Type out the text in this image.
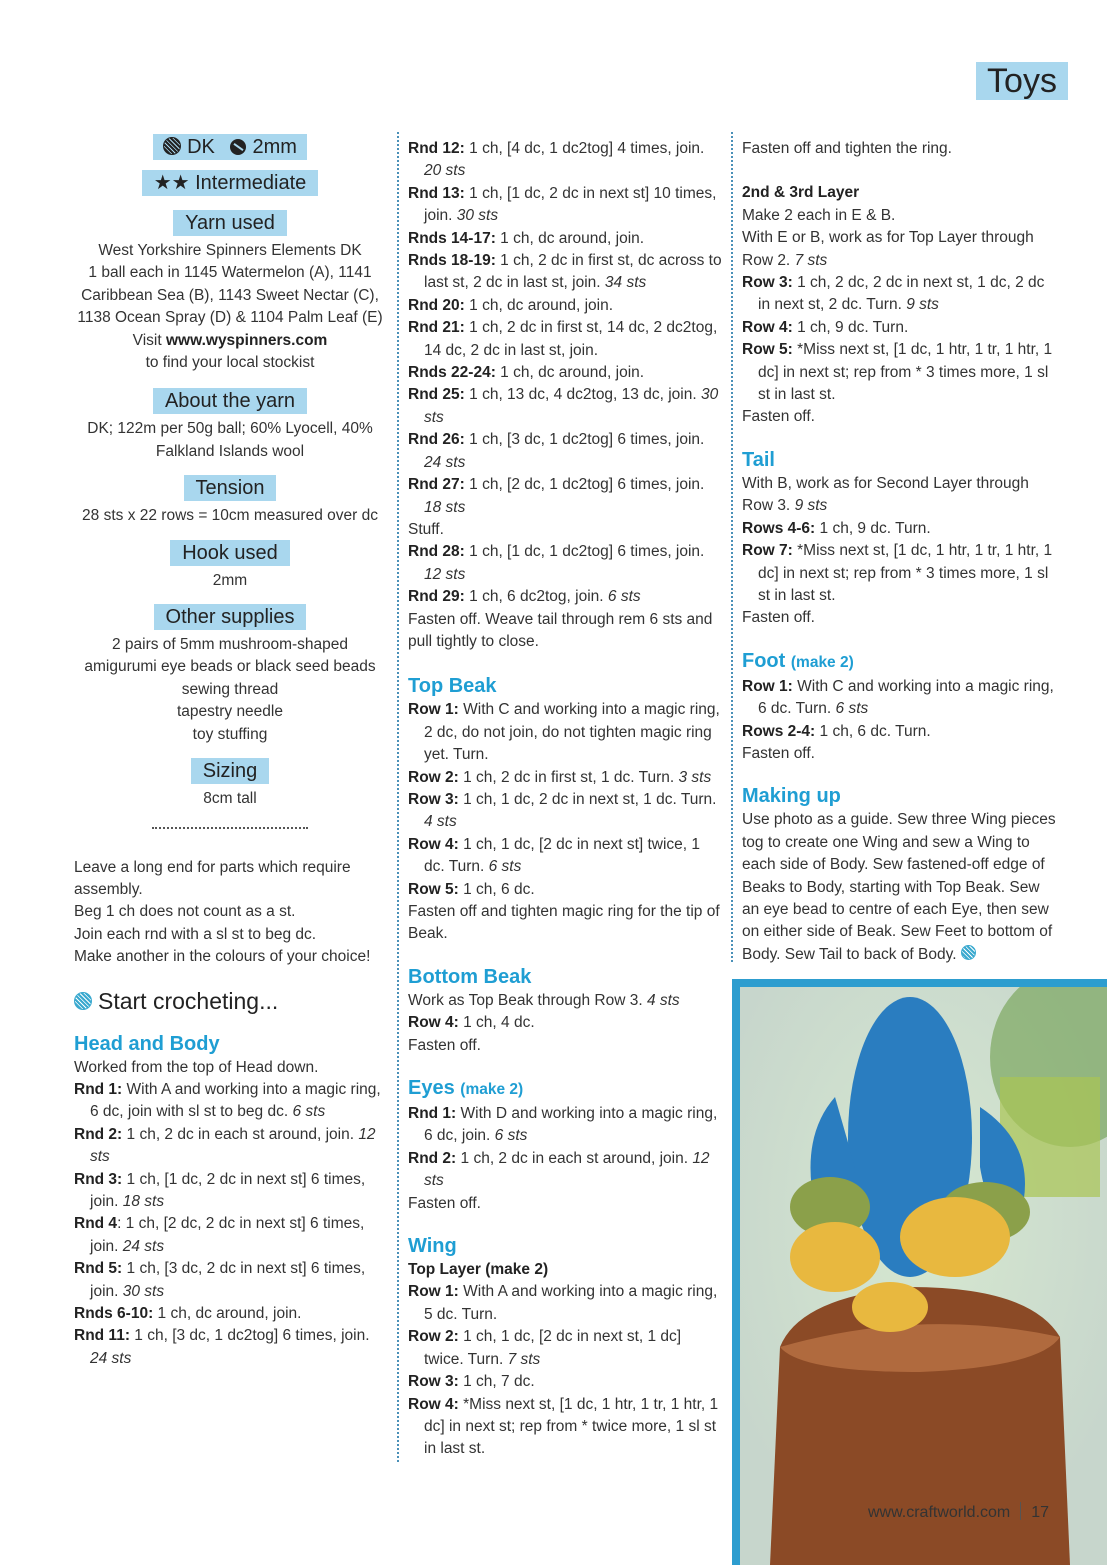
Toys
DK 2mm
★★ Intermediate
Yarn used

West Yorkshire Spinners Elements DK
1 ball each in 1145 Watermelon (A), 1141
Caribbean Sea (B), 1143 Sweet Nectar (C),
1138 Ocean Spray (D) & 1104 Palm Leaf (E)
Visit www.wyspinners.com
to find your local stockist

About the yarn

DK; 122m per 50g ball; 60% Lyocell, 40%
Falkland Islands wool

Tension

28 sts x 22 rows = 10cm measured over dc

Hook used

2mm

Other supplies

2 pairs of 5mm mushroom-shaped
amigurumi eye beads or black seed beads
sewing thread
tapestry needle
toy stuffing

Sizing

8cm tall

Leave a long end for parts which require assembly.
Beg 1 ch does not count as a st.
Join each rnd with a sl st to beg dc.
Make another in the colours of your choice!
Start crocheting...
Head and Body
Worked from the top of Head down.
Rnd 1: With A and working into a magic ring, 6 dc, join with sl st to beg dc. 6 sts
Rnd 2: 1 ch, 2 dc in each st around, join. 12 sts
Rnd 3: 1 ch, [1 dc, 2 dc in next st] 6 times, join. 18 sts
Rnd 4: 1 ch, [2 dc, 2 dc in next st] 6 times, join. 24 sts
Rnd 5: 1 ch, [3 dc, 2 dc in next st] 6 times, join. 30 sts
Rnds 6-10: 1 ch, dc around, join.
Rnd 11: 1 ch, [3 dc, 1 dc2tog] 6 times, join. 24 sts
Rnd 12: 1 ch, [4 dc, 1 dc2tog] 4 times, join. 20 sts
Rnd 13: 1 ch, [1 dc, 2 dc in next st] 10 times, join. 30 sts
Rnds 14-17: 1 ch, dc around, join.
Rnds 18-19: 1 ch, 2 dc in first st, dc across to last st, 2 dc in last st, join. 34 sts
Rnd 20: 1 ch, dc around, join.
Rnd 21: 1 ch, 2 dc in first st, 14 dc, 2 dc2tog, 14 dc, 2 dc in last st, join.
Rnds 22-24: 1 ch, dc around, join.
Rnd 25: 1 ch, 13 dc, 4 dc2tog, 13 dc, join. 30 sts
Rnd 26: 1 ch, [3 dc, 1 dc2tog] 6 times, join. 24 sts
Rnd 27: 1 ch, [2 dc, 1 dc2tog] 6 times, join. 18 sts
Stuff.
Rnd 28: 1 ch, [1 dc, 1 dc2tog] 6 times, join. 12 sts
Rnd 29: 1 ch, 6 dc2tog, join. 6 sts
Fasten off. Weave tail through rem 6 sts and pull tightly to close.
Top Beak
Row 1: With C and working into a magic ring, 2 dc, do not join, do not tighten magic ring yet. Turn.
Row 2: 1 ch, 2 dc in first st, 1 dc. Turn. 3 sts
Row 3: 1 ch, 1 dc, 2 dc in next st, 1 dc. Turn. 4 sts
Row 4: 1 ch, 1 dc, [2 dc in next st] twice, 1 dc. Turn. 6 sts
Row 5: 1 ch, 6 dc.
Fasten off and tighten magic ring for the tip of Beak.
Bottom Beak
Work as Top Beak through Row 3. 4 sts
Row 4: 1 ch, 4 dc.
Fasten off.
Eyes (make 2)
Rnd 1: With D and working into a magic ring, 6 dc, join. 6 sts
Rnd 2: 1 ch, 2 dc in each st around, join. 12 sts
Fasten off.
Wing
Top Layer (make 2)
Row 1: With A and working into a magic ring, 5 dc. Turn.
Row 2: 1 ch, 1 dc, [2 dc in next st, 1 dc] twice. Turn. 7 sts
Row 3: 1 ch, 7 dc.
Row 4: *Miss next st, [1 dc, 1 htr, 1 tr, 1 htr, 1 dc] in next st; rep from * twice more, 1 sl st in last st.
Fasten off and tighten the ring.
2nd & 3rd Layer
Make 2 each in E & B.
With E or B, work as for Top Layer through Row 2. 7 sts
Row 3: 1 ch, 2 dc, 2 dc in next st, 1 dc, 2 dc in next st, 2 dc. Turn. 9 sts
Row 4: 1 ch, 9 dc. Turn.
Row 5: *Miss next st, [1 dc, 1 htr, 1 tr, 1 htr, 1 dc] in next st; rep from * 3 times more, 1 sl st in last st.
Fasten off.
Tail
With B, work as for Second Layer through Row 3. 9 sts
Rows 4-6: 1 ch, 9 dc. Turn.
Row 7: *Miss next st, [1 dc, 1 htr, 1 tr, 1 htr, 1 dc] in next st; rep from * 3 times more, 1 sl st in last st.
Fasten off.
Foot (make 2)
Row 1: With C and working into a magic ring, 6 dc. Turn. 6 sts
Rows 2-4: 1 ch, 6 dc. Turn.
Fasten off.
Making up
Use photo as a guide. Sew three Wing pieces tog to create one Wing and sew a Wing to each side of Body. Sew fastened-off edge of Beaks to Body, starting with Top Beak. Sew an eye bead to centre of each Eye, then sew on either side of Beak. Sew Feet to bottom of Body. Sew Tail to back of Body.
www.craftworld.com 17
